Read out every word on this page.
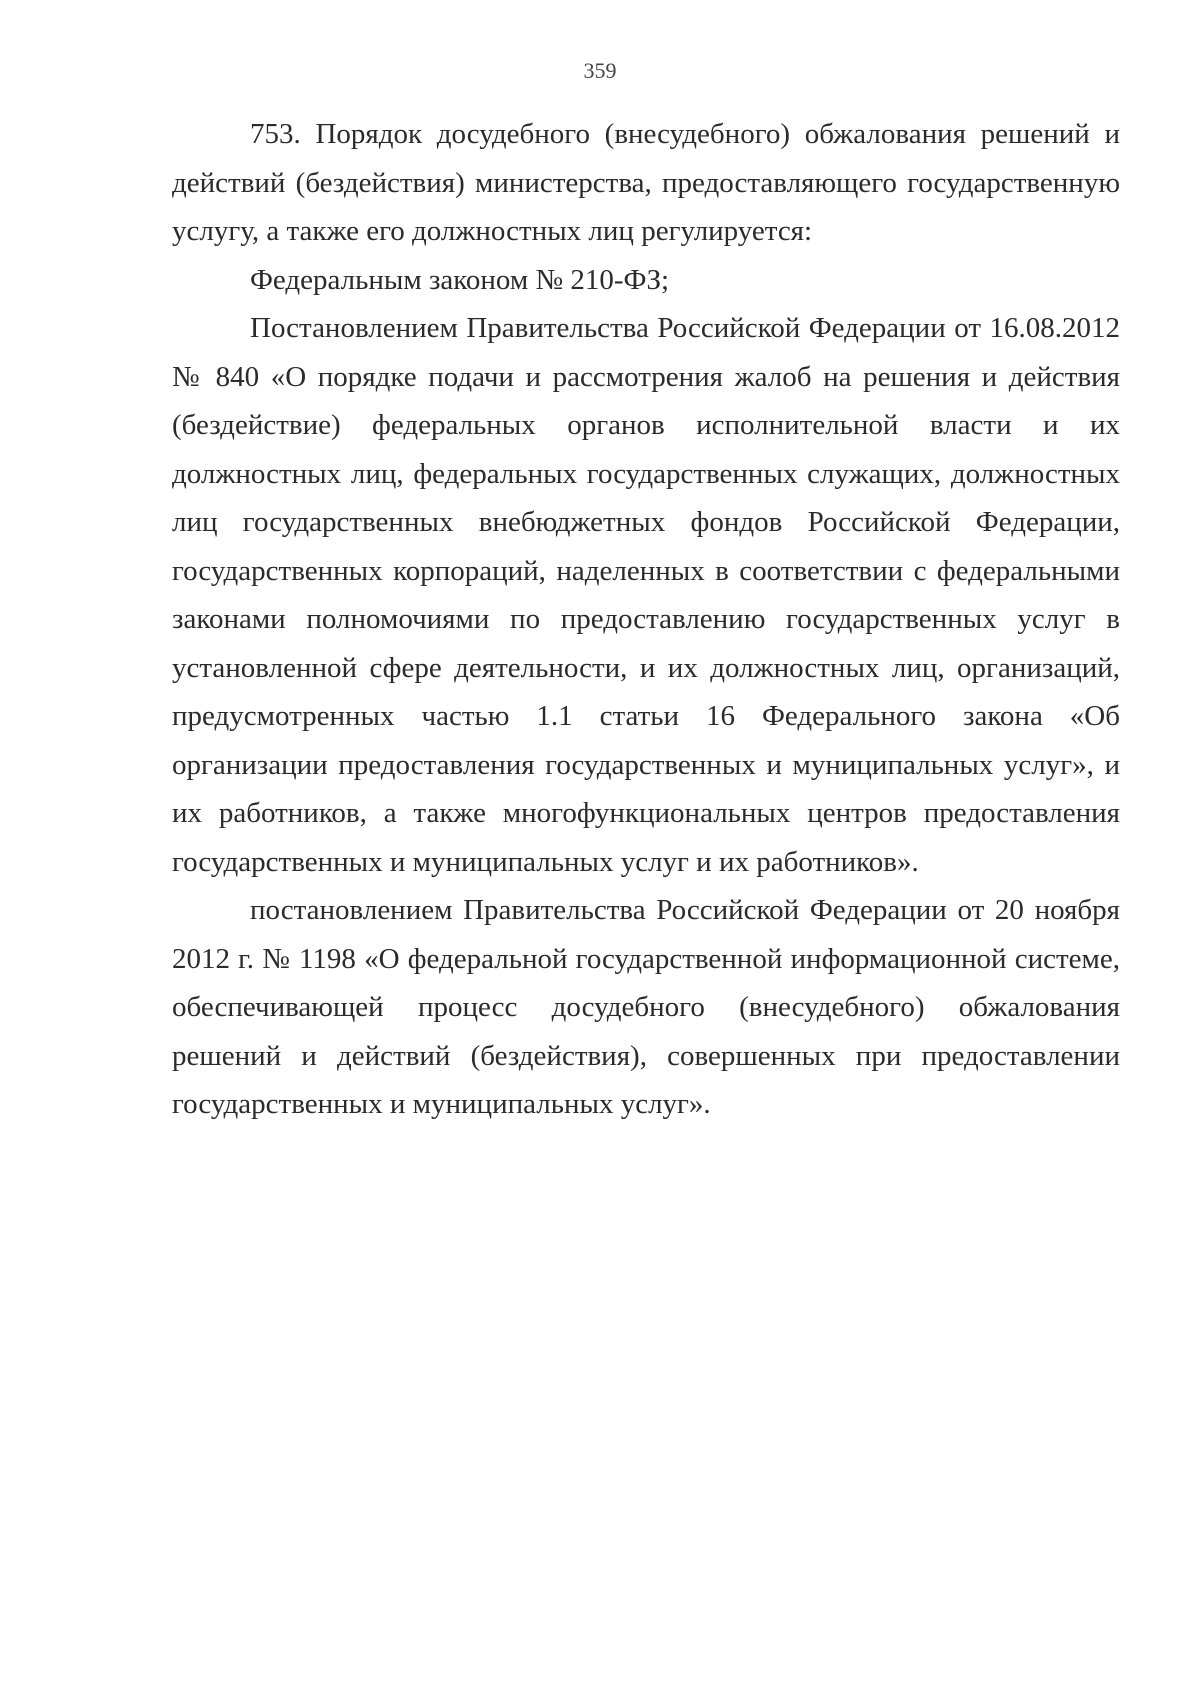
359

753. Порядок досудебного (внесудебного) обжалования решений и действий (бездействия) министерства, предоставляющего государственную услугу, а также его должностных лиц регулируется:

Федеральным законом № 210-ФЗ;

Постановлением Правительства Российской Федерации от 16.08.2012 № 840 «О порядке подачи и рассмотрения жалоб на решения и действия (бездействие) федеральных органов исполнительной власти и их должностных лиц, федеральных государственных служащих, должностных лиц государственных внебюджетных фондов Российской Федерации, государственных корпораций, наделенных в соответствии с федеральными законами полномочиями по предоставлению государственных услуг в установленной сфере деятельности, и их должностных лиц, организаций, предусмотренных частью 1.1 статьи 16 Федерального закона «Об организации предоставления государственных и муниципальных услуг», и их работников, а также многофункциональных центров предоставления государственных и муниципальных услуг и их работников».

постановлением Правительства Российской Федерации от 20 ноября 2012 г. № 1198 «О федеральной государственной информационной системе, обеспечивающей процесс досудебного (внесудебного) обжалования решений и действий (бездействия), совершенных при предоставлении государственных и муниципальных услуг».
